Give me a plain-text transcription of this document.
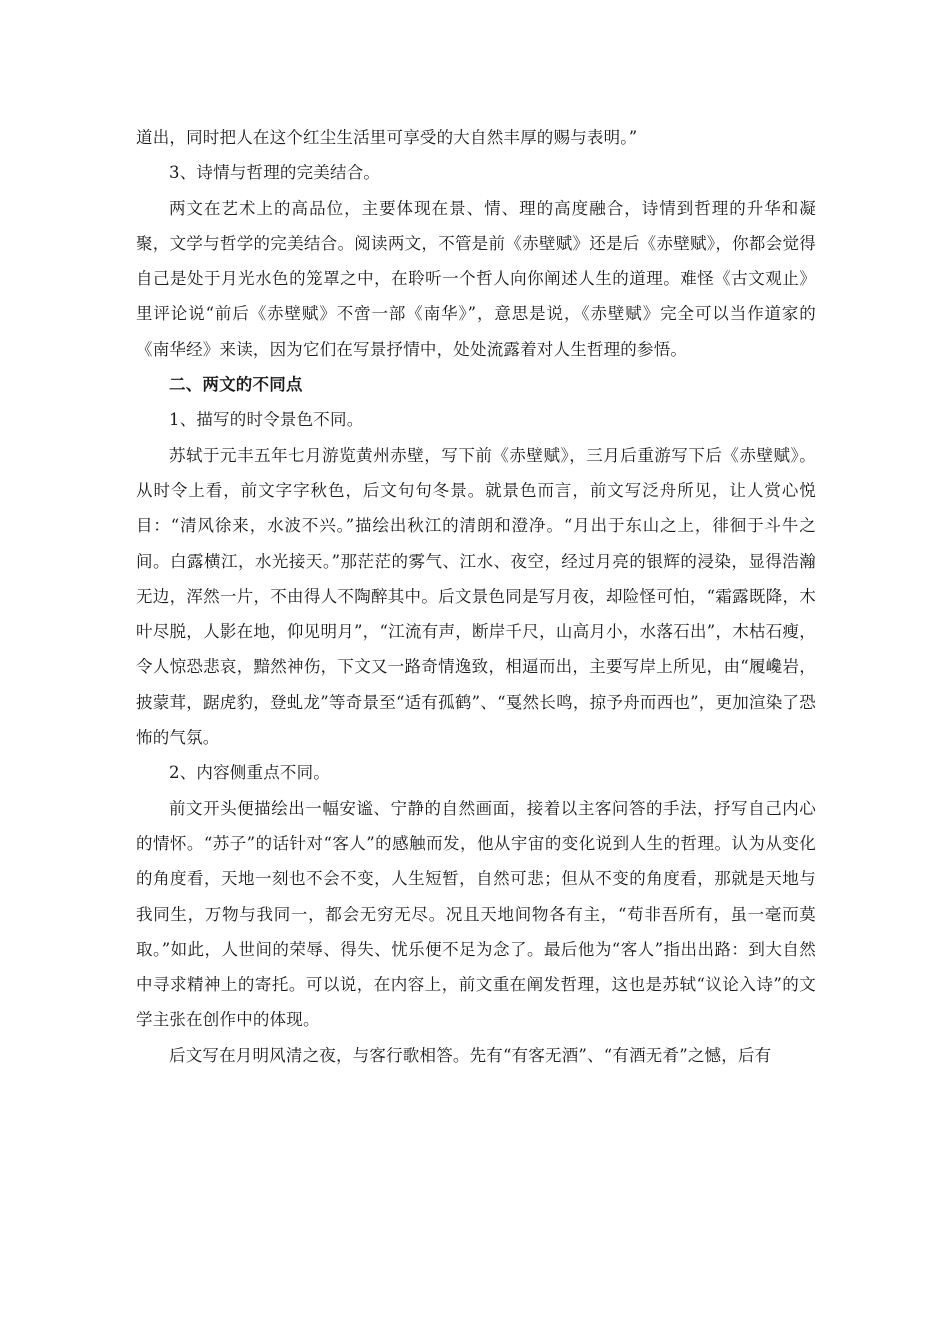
道出，同时把人在这个红尘生活里可享受的大自然丰厚的赐与表明。”

3、诗情与哲理的完美结合。

两文在艺术上的高品位，主要体现在景、情、理的高度融合，诗情到哲理的升华和凝聚，文学与哲学的完美结合。阅读两文，不管是前《赤壁赋》还是后《赤壁赋》，你都会觉得自己是处于月光水色的笼罩之中，在聆听一个哲人向你阐述人生的道理。难怪《古文观止》里评论说“前后《赤壁赋》不啻一部《南华》”，意思是说，《赤壁赋》完全可以当作道家的《南华经》来读，因为它们在写景抒情中，处处流露着对人生哲理的参悟。

二、两文的不同点

1、描写的时令景色不同。

苏轼于元丰五年七月游览黄州赤壁，写下前《赤壁赋》，三月后重游写下后《赤壁赋》。从时令上看，前文字字秋色，后文句句冬景。就景色而言，前文写泛舟所见，让人赏心悦目：“清风徐来，水波不兴。”描绘出秋江的清朗和澄净。“月出于东山之上，徘徊于斗牛之间。白露横江，水光接天。”那茫茫的雾气、江水、夜空，经过月亮的银辉的浸染，显得浩瀚无边，浑然一片，不由得人不陶醉其中。后文景色同是写月夜，却险怪可怕，“霜露既降，木叶尽脱，人影在地，仰见明月”，“江流有声，断岸千尺，山高月小，水落石出”，木枯石瘦，令人惊恐悲哀，黯然神伤，下文又一路奇情逸致，相逼而出，主要写岸上所见，由“履巉岩，披蒙茸，踞虎豹，登虬龙”等奇景至“适有孤鹤”、“戛然长鸣，掠予舟而西也”，更加渲染了恐怖的气氛。

2、内容侧重点不同。

前文开头便描绘出一幅安谧、宁静的自然画面，接着以主客问答的手法，抒写自己内心的情怀。“苏子”的话针对“客人”的感触而发，他从宇宙的变化说到人生的哲理。认为从变化的角度看，天地一刻也不会不变，人生短暂，自然可悲；但从不变的角度看，那就是天地与我同生，万物与我同一，都会无穷无尽。况且天地间物各有主，“苟非吾所有，虽一毫而莫取。”如此，人世间的荣辱、得失、忧乐便不足为念了。最后他为“客人”指出出路：到大自然中寻求精神上的寄托。可以说，在内容上，前文重在阐发哲理，这也是苏轼“议论入诗”的文学主张在创作中的体现。

后文写在月明风清之夜，与客行歌相答。先有“有客无酒”、“有酒无肴”之憾，后有
